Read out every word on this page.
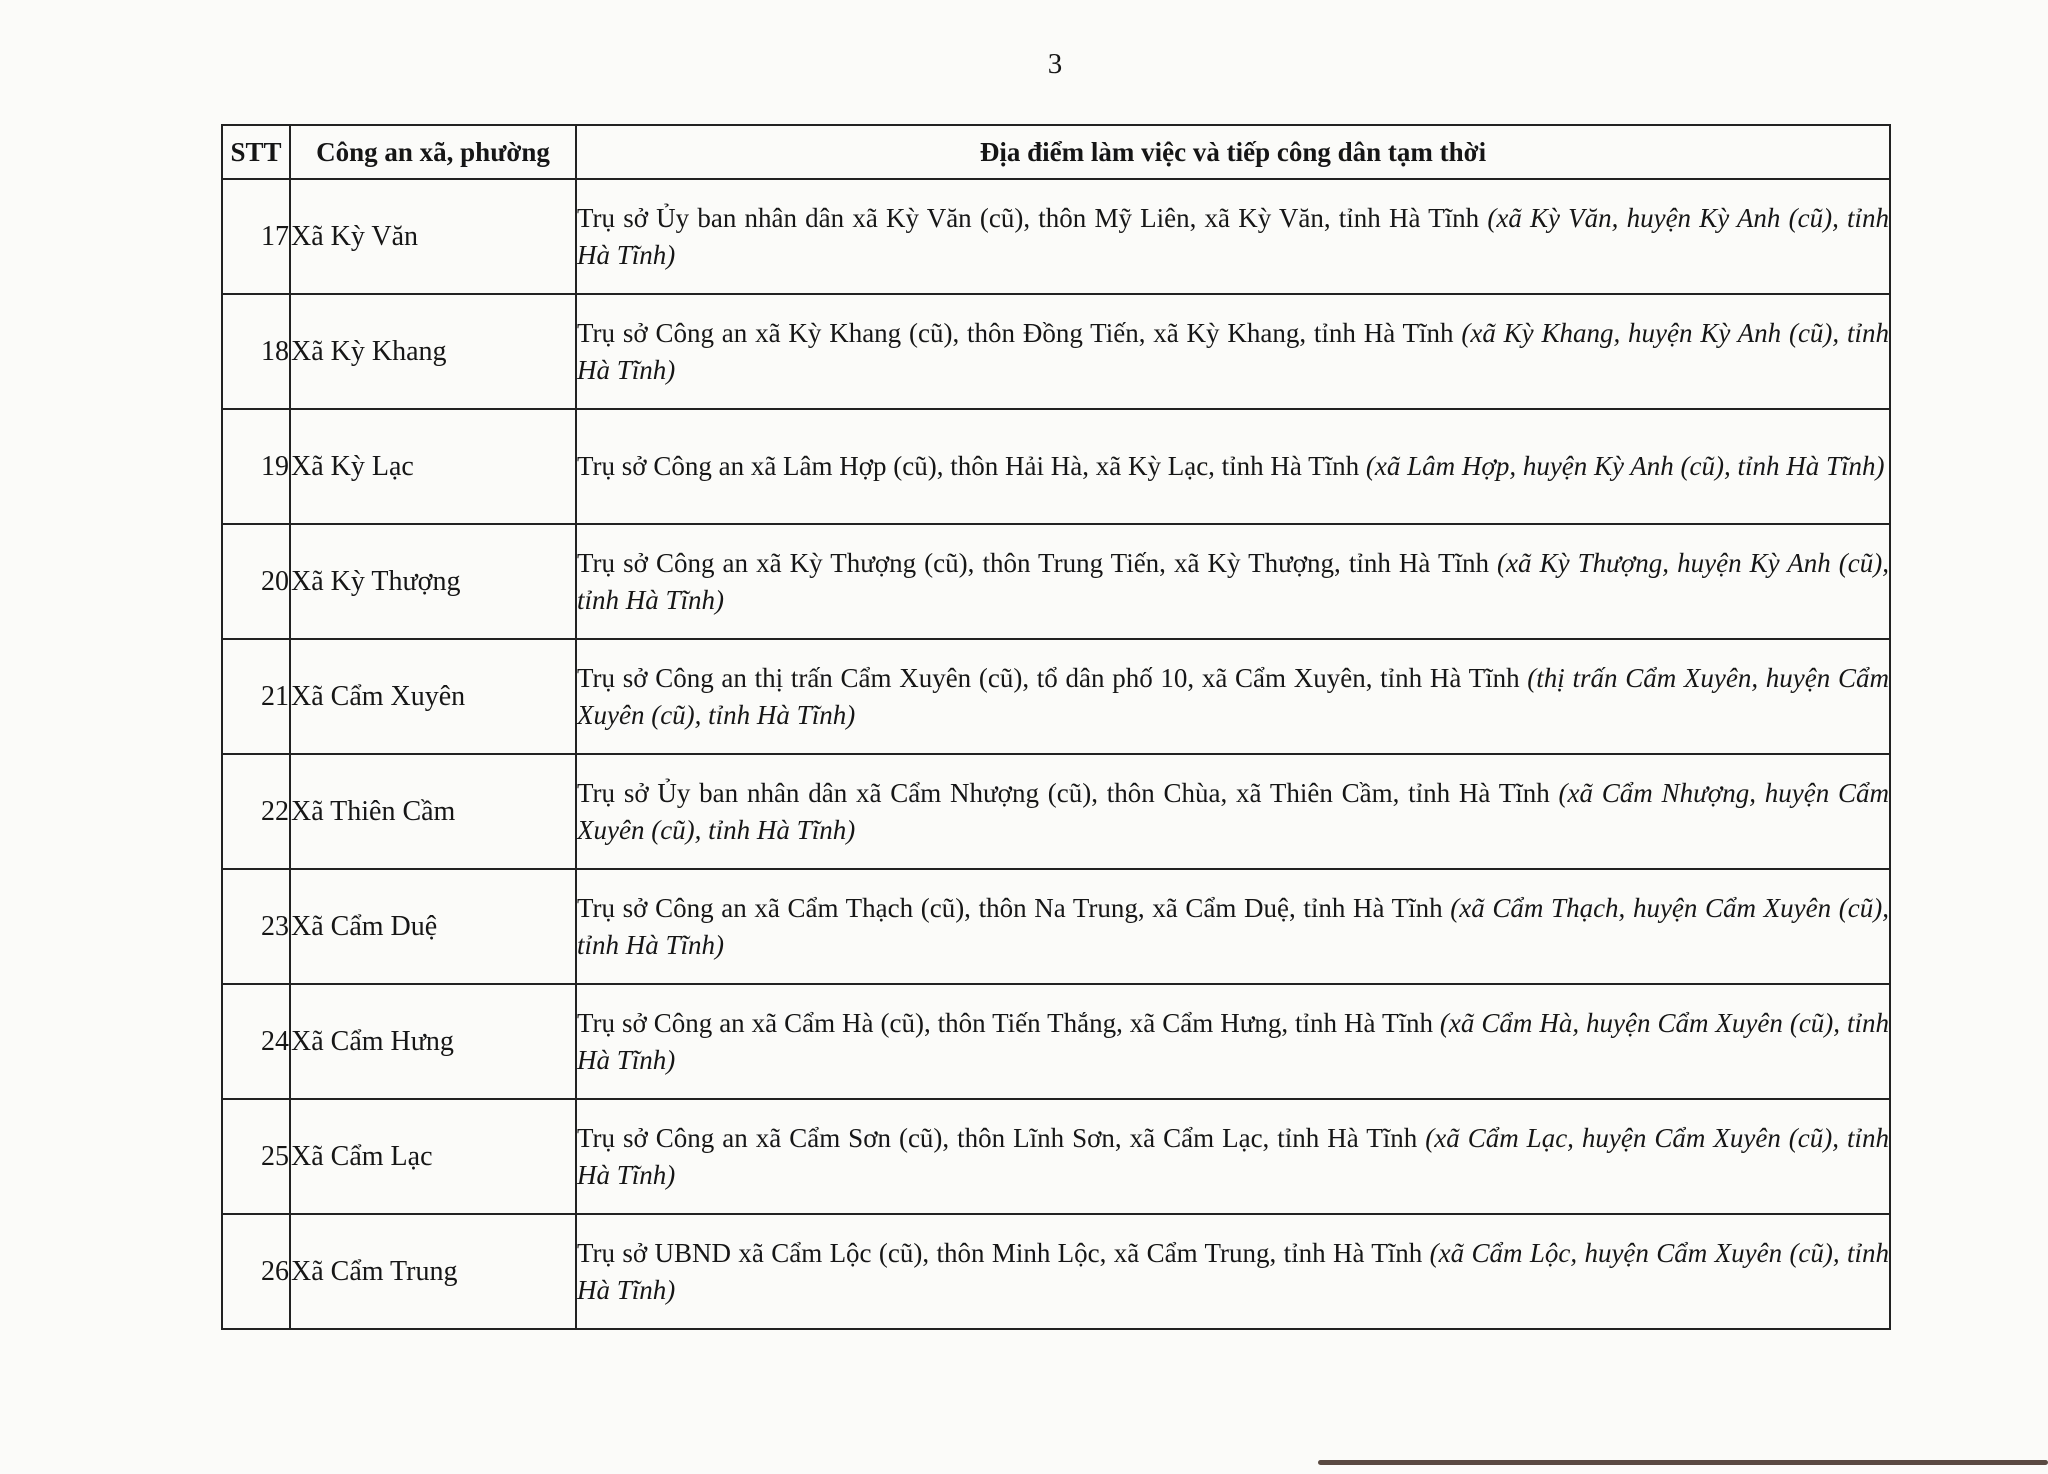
3
STT	Công an xã, phường	Địa điểm làm việc và tiếp công dân tạm thời
17	Xã Kỳ Văn	Trụ sở Ủy ban nhân dân xã Kỳ Văn (cũ), thôn Mỹ Liên, xã Kỳ Văn, tỉnh Hà Tĩnh (xã Kỳ Văn, huyện Kỳ Anh (cũ), tỉnh Hà Tĩnh)
18	Xã Kỳ Khang	Trụ sở Công an xã Kỳ Khang (cũ), thôn Đồng Tiến, xã Kỳ Khang, tỉnh Hà Tĩnh (xã Kỳ Khang, huyện Kỳ Anh (cũ), tỉnh Hà Tĩnh)
19	Xã Kỳ Lạc	Trụ sở Công an xã Lâm Hợp (cũ), thôn Hải Hà, xã Kỳ Lạc, tỉnh Hà Tĩnh (xã Lâm Hợp, huyện Kỳ Anh (cũ), tỉnh Hà Tĩnh)
20	Xã Kỳ Thượng	Trụ sở Công an xã Kỳ Thượng (cũ), thôn Trung Tiến, xã Kỳ Thượng, tỉnh Hà Tĩnh (xã Kỳ Thượng, huyện Kỳ Anh (cũ), tỉnh Hà Tĩnh)
21	Xã Cẩm Xuyên	Trụ sở Công an thị trấn Cẩm Xuyên (cũ), tổ dân phố 10, xã Cẩm Xuyên, tỉnh Hà Tĩnh (thị trấn Cẩm Xuyên, huyện Cẩm Xuyên (cũ), tỉnh Hà Tĩnh)
22	Xã Thiên Cầm	Trụ sở Ủy ban nhân dân xã Cẩm Nhượng (cũ), thôn Chùa, xã Thiên Cầm, tỉnh Hà Tĩnh (xã Cẩm Nhượng, huyện Cẩm Xuyên (cũ), tỉnh Hà Tĩnh)
23	Xã Cẩm Duệ	Trụ sở Công an xã Cẩm Thạch (cũ), thôn Na Trung, xã Cẩm Duệ, tỉnh Hà Tĩnh (xã Cẩm Thạch, huyện Cẩm Xuyên (cũ), tỉnh Hà Tĩnh)
24	Xã Cẩm Hưng	Trụ sở Công an xã Cẩm Hà (cũ), thôn Tiến Thắng, xã Cẩm Hưng, tỉnh Hà Tĩnh (xã Cẩm Hà, huyện Cẩm Xuyên (cũ), tỉnh Hà Tĩnh)
25	Xã Cẩm Lạc	Trụ sở Công an xã Cẩm Sơn (cũ), thôn Lĩnh Sơn, xã Cẩm Lạc, tỉnh Hà Tĩnh (xã Cẩm Lạc, huyện Cẩm Xuyên (cũ), tỉnh Hà Tĩnh)
26	Xã Cẩm Trung	Trụ sở UBND xã Cẩm Lộc (cũ), thôn Minh Lộc, xã Cẩm Trung, tỉnh Hà Tĩnh (xã Cẩm Lộc, huyện Cẩm Xuyên (cũ), tỉnh Hà Tĩnh)
